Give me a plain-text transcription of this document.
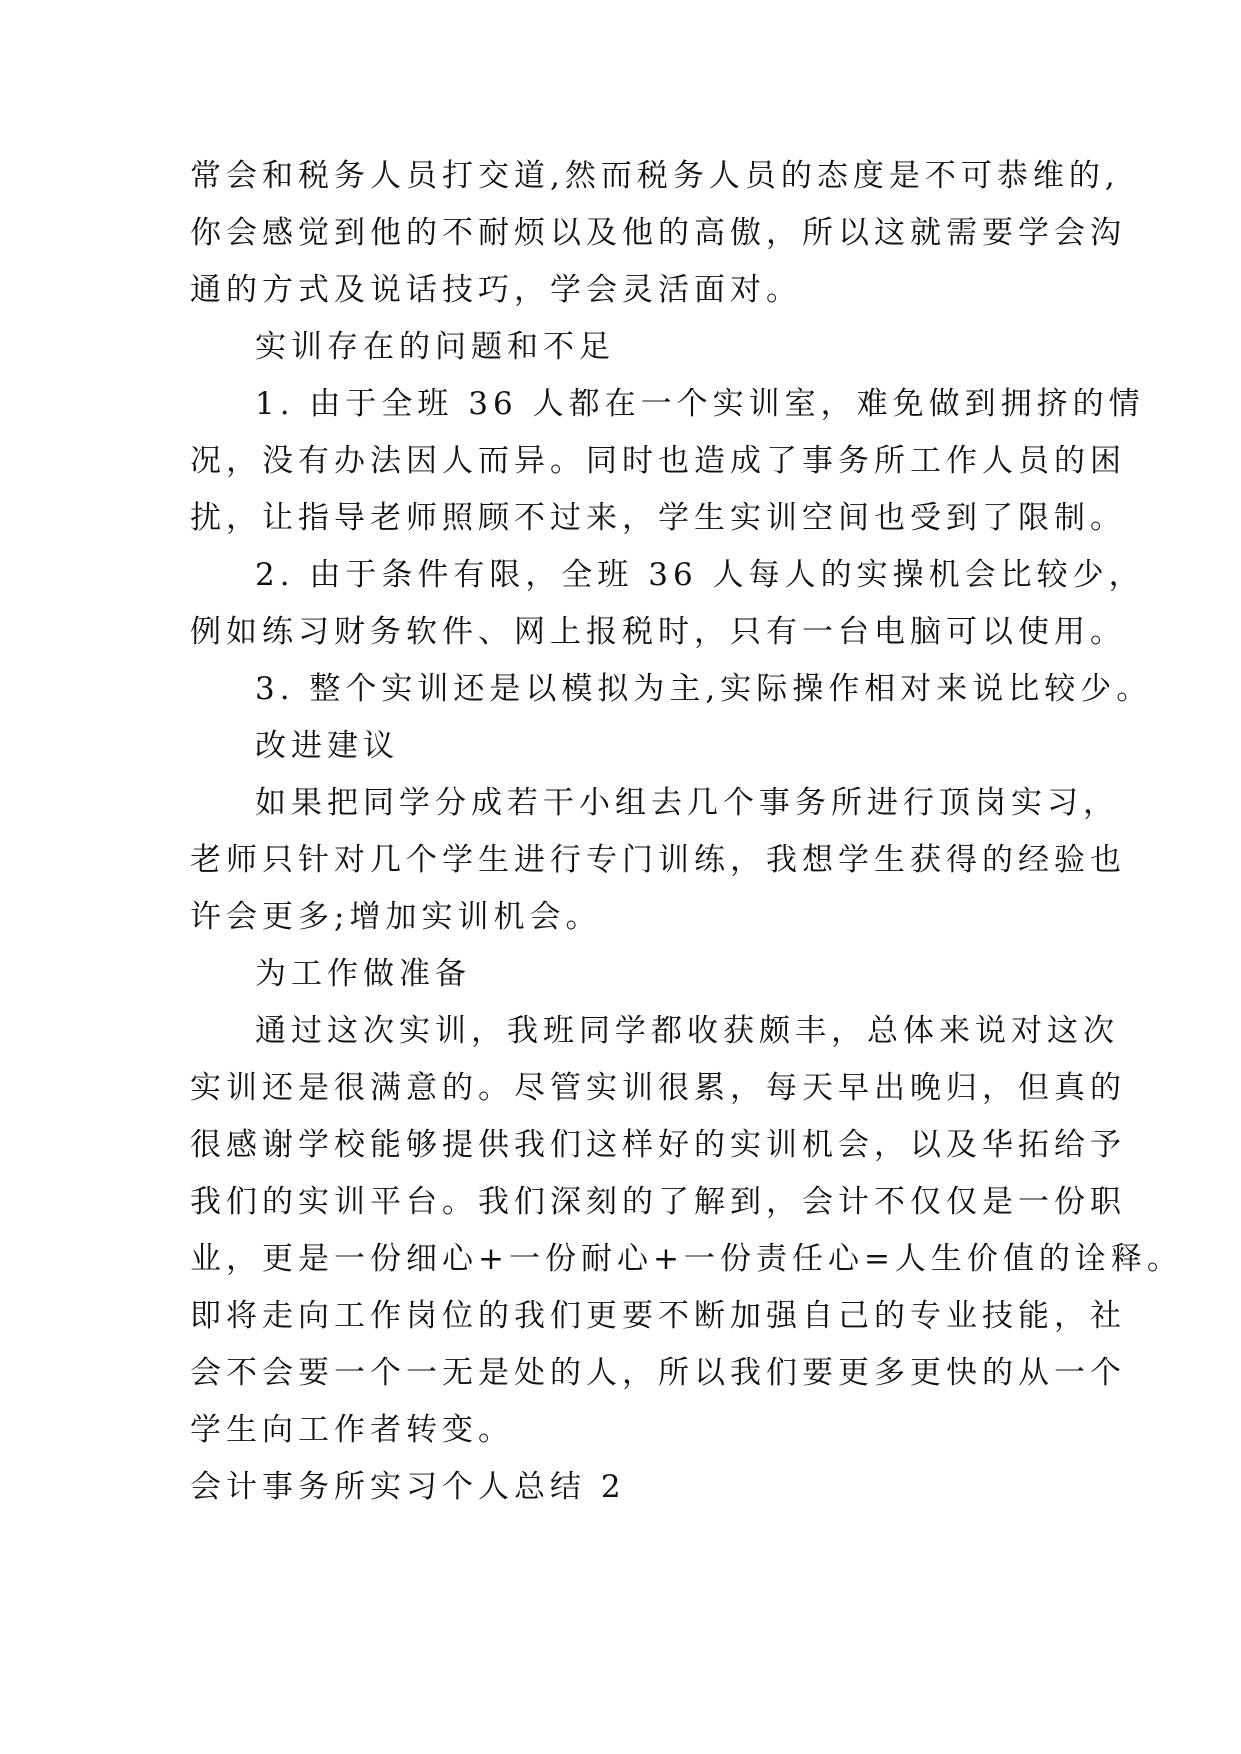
常会和税务人员打交道,然而税务人员的态度是不可恭维的,
你会感觉到他的不耐烦以及他的高傲，所以这就需要学会沟
通的方式及说话技巧，学会灵活面对。
实训存在的问题和不足
1. 由于全班 36 人都在一个实训室，难免做到拥挤的情
况，没有办法因人而异。同时也造成了事务所工作人员的困
扰，让指导老师照顾不过来，学生实训空间也受到了限制。
2. 由于条件有限，全班 36 人每人的实操机会比较少，
例如练习财务软件、网上报税时，只有一台电脑可以使用。
3. 整个实训还是以模拟为主,实际操作相对来说比较少。
改进建议
如果把同学分成若干小组去几个事务所进行顶岗实习，
老师只针对几个学生进行专门训练，我想学生获得的经验也
许会更多;增加实训机会。
为工作做准备
通过这次实训，我班同学都收获颇丰，总体来说对这次
实训还是很满意的。尽管实训很累，每天早出晚归，但真的
很感谢学校能够提供我们这样好的实训机会，以及华拓给予
我们的实训平台。我们深刻的了解到，会计不仅仅是一份职
业，更是一份细心+一份耐心+一份责任心=人生价值的诠释。
即将走向工作岗位的我们更要不断加强自己的专业技能，社
会不会要一个一无是处的人，所以我们要更多更快的从一个
学生向工作者转变。
会计事务所实习个人总结 2
